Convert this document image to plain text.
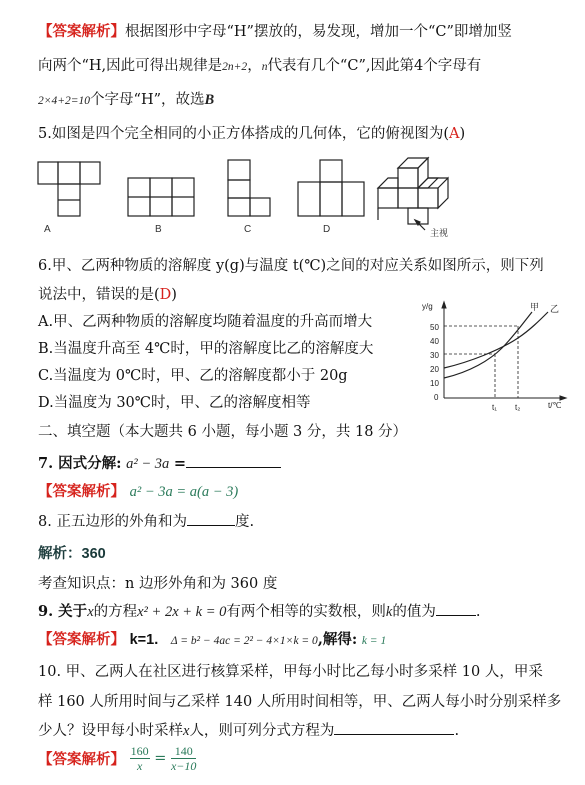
【答案解析】根据图形中字母“H”摆放的，易发现，增加一个“C”即增加竖
向两个“H,因此可得出规律是2n+2，n代表有几个“C”,因此第4个字母有
2×4+2=10个字母“H”，故选B
5.如图是四个完全相同的小正方体搭成的几何体，它的俯视图为(A)
主视
A	B	C	D
6.甲、乙两种物质的溶解度 y(g)与温度 t(℃)之间的对应关系如图所示，则下列
说法中，错误的是(D)
A.甲、乙两种物质的溶解度均随着温度的升高而增大
B.当温度升高至 4℃时，甲的溶解度比乙的溶解度大
C.当温度为 0℃时，甲、乙的溶解度都小于 20g
D.当温度为 30℃时，甲、乙的溶解度相等
y/g
50
40
30
20
10
0
t₁ t₂	t/℃
甲 乙
二、填空题（本大题共 6 小题，每小题 3 分，共 18 分）
7. 因式分解: a² − 3a =
【答案解析】 a² − 3a = a(a − 3)
8. 正五边形的外角和为	度.
解析：360
考查知识点：n 边形外角和为 360 度
9. 关于x的方程x² + 2x + k = 0有两个相等的实数根，则k的值为	.
【答案解析】 k=1. Δ = b² − 4ac = 2² − 4×1×k = 0,解得: k = 1
10. 甲、乙两人在社区进行核算采样，甲每小时比乙每小时多采样 10 人，甲采
样 160 人所用时间与乙采样 140 人所用时间相等，甲、乙两人每小时分别采样多
少人？设甲每小时采样x人，则可列分式方程为	.
【答案解析】 $\frac{160}{x} = \frac{140}{x-10}$
